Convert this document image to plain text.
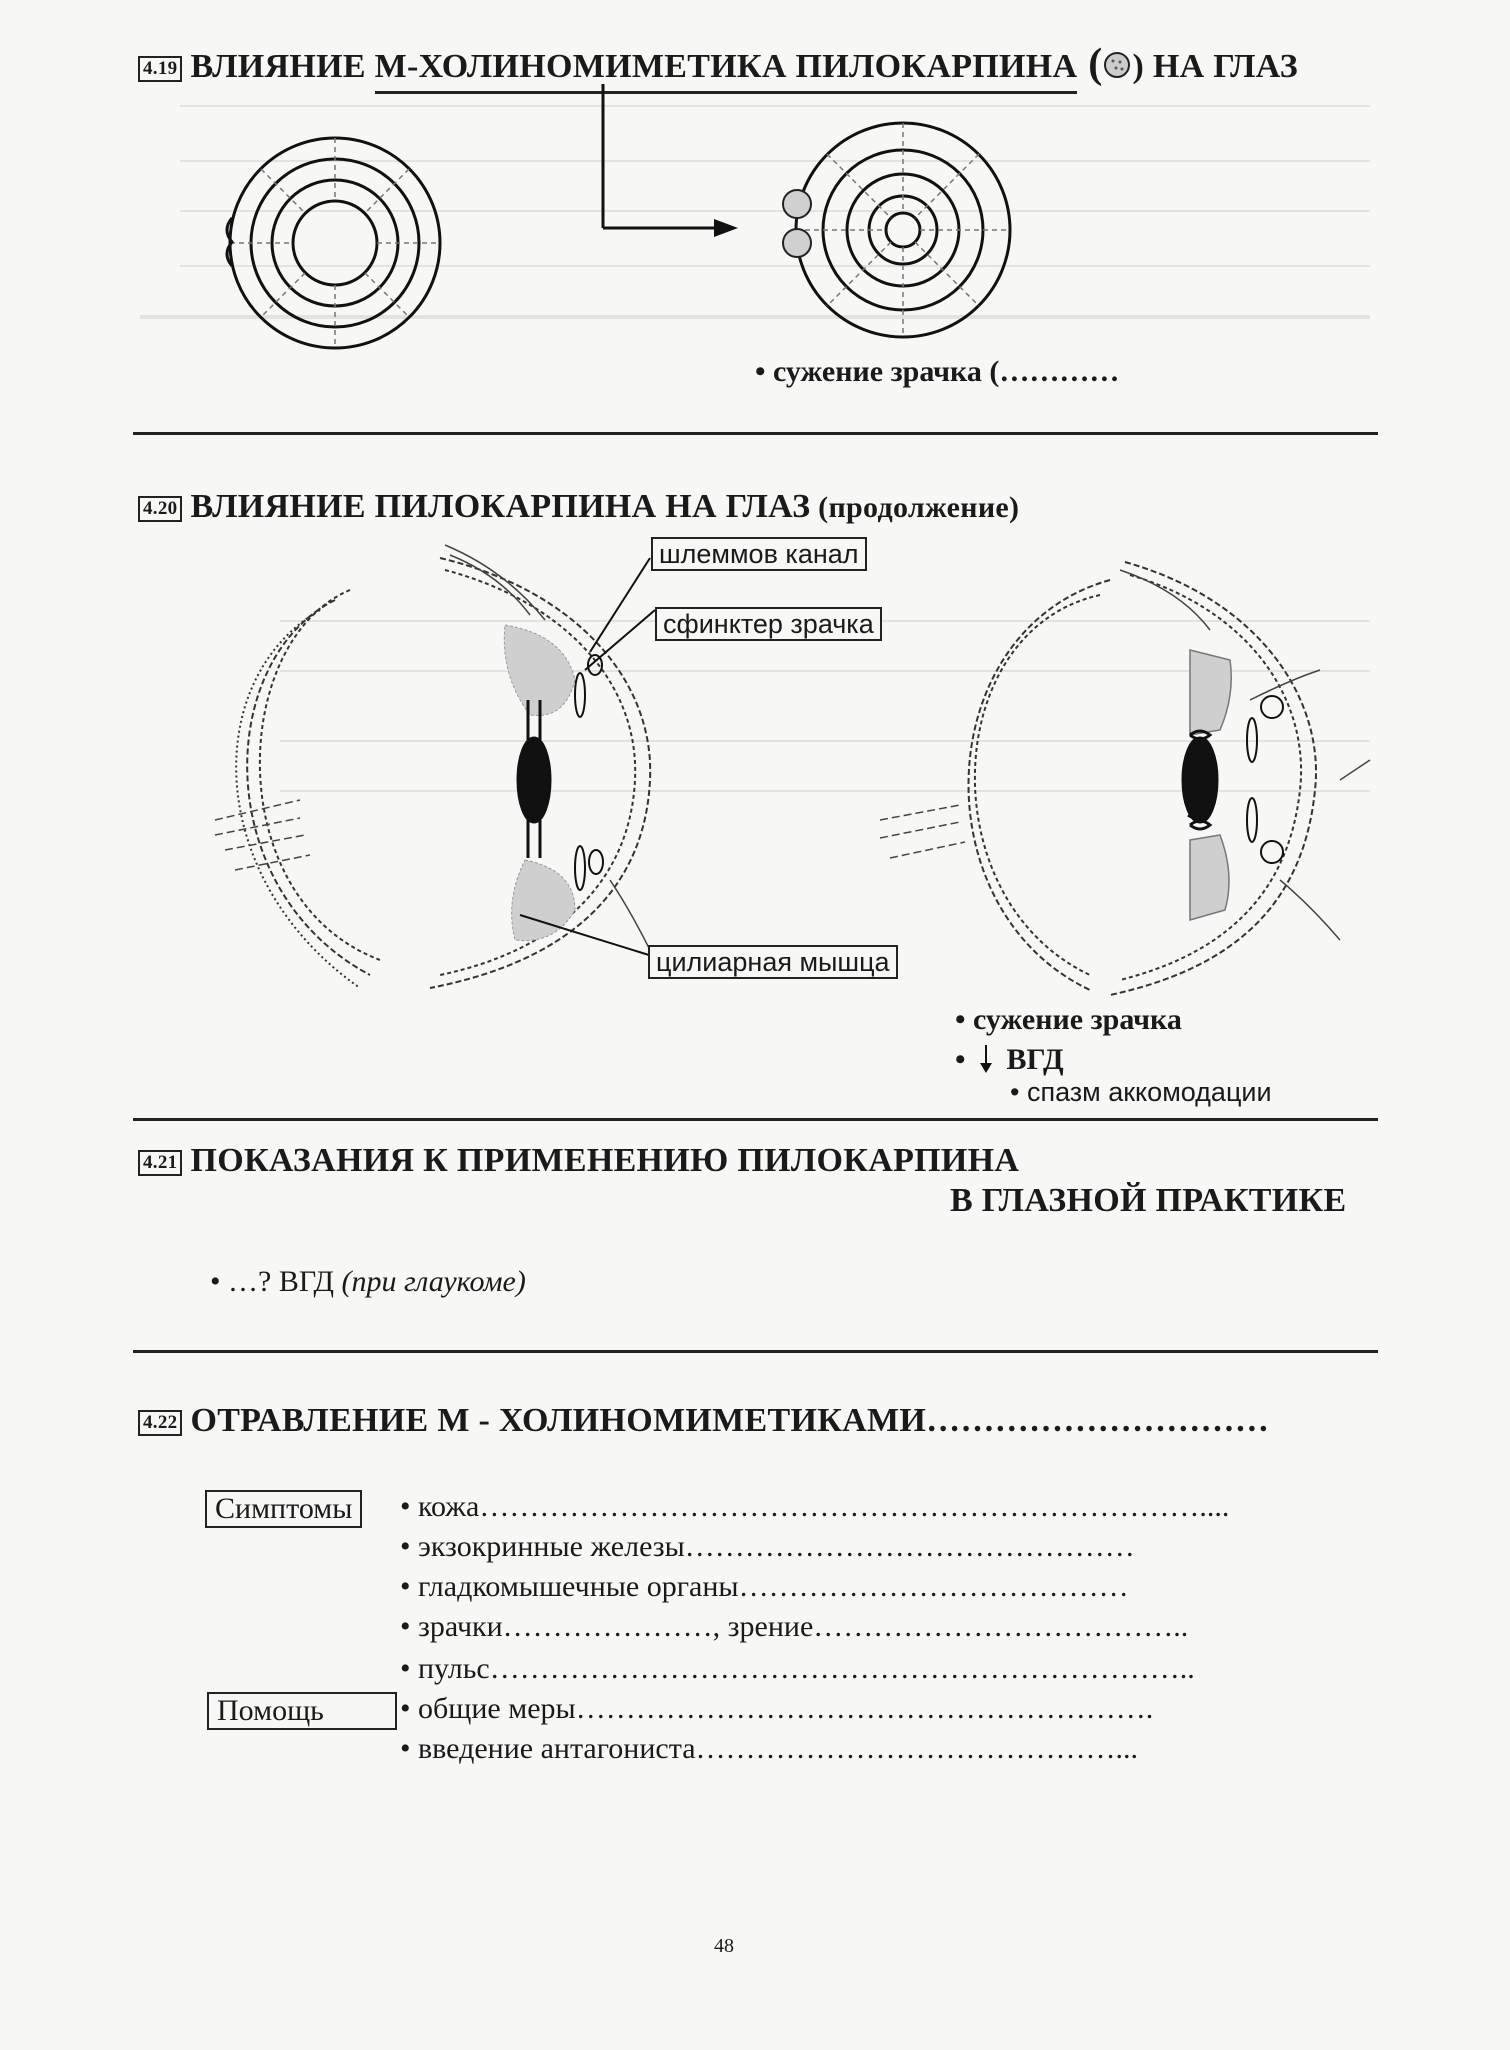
4.19 ВЛИЯНИЕ М-ХОЛИНОМИМЕТИКА ПИЛОКАРПИНА ( ) НА ГЛАЗ
• сужение зрачка (…………
4.20 ВЛИЯНИЕ ПИЛОКАРПИНА НА ГЛАЗ (продолжение)
шлеммов канал
сфинктер зрачка
цилиарная мышца
• сужение зрачка
• ВГД
• спазм аккомодации
4.21 ПОКАЗАНИЯ К ПРИМЕНЕНИЮ ПИЛОКАРПИНА
В ГЛАЗНОЙ ПРАКТИКЕ
• …? ВГД (при глаукоме)
4.22 ОТРАВЛЕНИЕ М - ХОЛИНОМИМЕТИКАМИ…………………………
Симптомы
Помощь
• кожа………………………………………………………………....
• экзокринные железы………………………………………
• гладкомышечные органы…………………………………
• зрачки…………………, зрение………………………………..
• пульс……………………………………………………………..
• общие меры………………………………………………….
• введение антагониста……………………………………...
48
